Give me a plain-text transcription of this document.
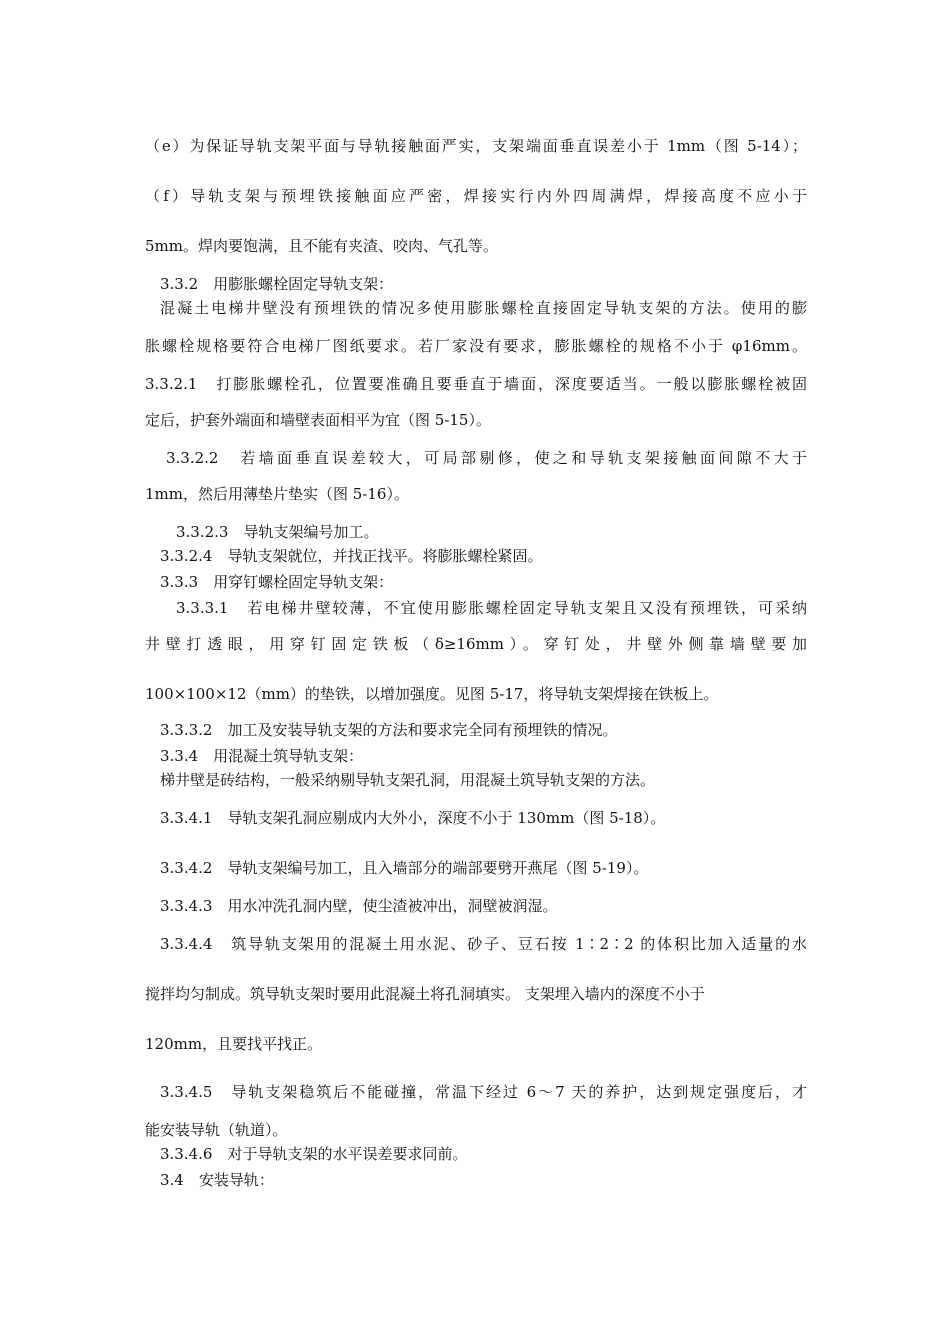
（e）为保证导轨支架平面与导轨接触面严实，支架端面垂直误差小于 1mm（图 5-14）；
（f）导轨支架与预埋铁接触面应严密，焊接实行内外四周满焊，焊接高度不应小于
5mm。焊肉要饱满，且不能有夹渣、咬肉、气孔等。
3.3.2　用膨胀螺栓固定导轨支架：
混凝土电梯井壁没有预埋铁的情况多使用膨胀螺栓直接固定导轨支架的方法。使用的膨
胀螺栓规格要符合电梯厂图纸要求。若厂家没有要求，膨胀螺栓的规格不小于 φ16mm。
3.3.2.1　打膨胀螺栓孔，位置要准确且要垂直于墙面，深度要适当。一般以膨胀螺栓被固
定后，护套外端面和墙壁表面相平为宜（图 5-15）。
3.3.2.2　若墙面垂直误差较大，可局部剔修，使之和导轨支架接触面间隙不大于
1mm，然后用薄垫片垫实（图 5-16）。
3.3.2.3　导轨支架编号加工。
3.3.2.4　导轨支架就位，并找正找平。将膨胀螺栓紧固。
3.3.3　用穿钉螺栓固定导轨支架：
3.3.3.1　若电梯井壁较薄，不宜使用膨胀螺栓固定导轨支架且又没有预埋铁，可采纳
井壁打透眼，用穿钉固定铁板（δ≥16mm）。穿钉处，井壁外侧靠墙壁要加
100×100×12（mm）的垫铁，以增加强度。见图 5-17，将导轨支架焊接在铁板上。
3.3.3.2　加工及安装导轨支架的方法和要求完全同有预埋铁的情况。
3.3.4　用混凝土筑导轨支架：
梯井壁是砖结构，一般采纳剔导轨支架孔洞，用混凝土筑导轨支架的方法。
3.3.4.1　导轨支架孔洞应剔成内大外小，深度不小于 130mm（图 5-18）。
3.3.4.2　导轨支架编号加工，且入墙部分的端部要劈开燕尾（图 5-19）。
3.3.4.3　用水冲洗孔洞内壁，使尘渣被冲出，洞壁被润湿。
3.3.4.4　筑导轨支架用的混凝土用水泥、砂子、豆石按 1∶2∶2 的体积比加入适量的水
搅拌均匀制成。筑导轨支架时要用此混凝土将孔洞填实。 支架埋入墙内的深度不小于
120mm，且要找平找正。
3.3.4.5　导轨支架稳筑后不能碰撞，常温下经过 6～7 天的养护，达到规定强度后，才
能安装导轨（轨道）。
3.3.4.6　对于导轨支架的水平误差要求同前。
3.4　安装导轨：
